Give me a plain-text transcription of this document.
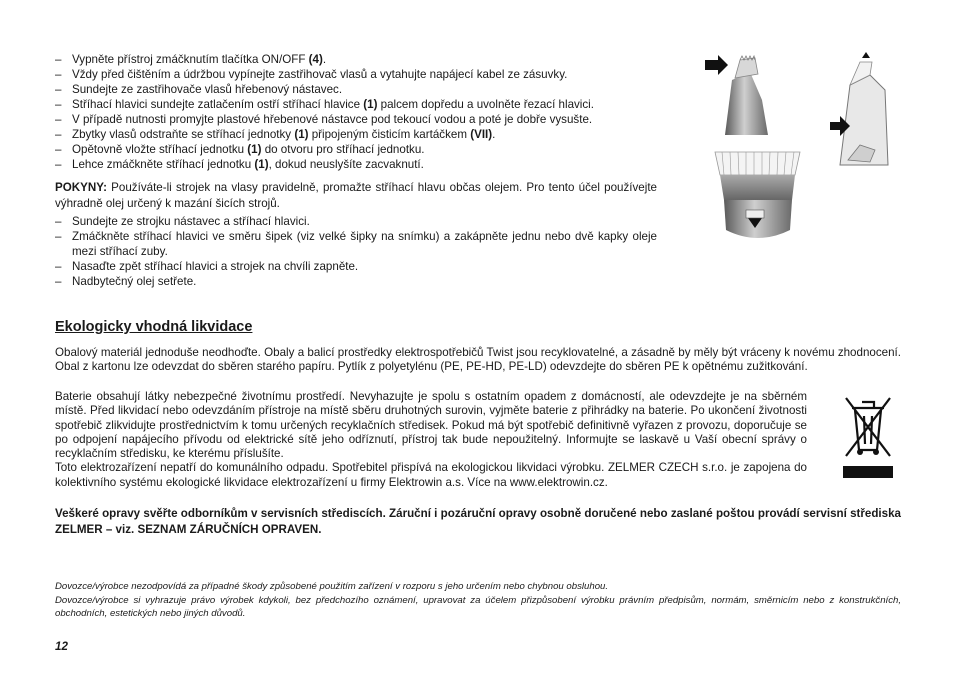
– Vypněte přístroj zmáčknutím tlačítka ON/OFF (4).
– Vždy před čištěním a údržbou vypínejte zastřihovač vlasů a vytahujte napájecí kabel ze zásuvky.
– Sundejte ze zastřihovače vlasů hřebenový nástavec.
– Stříhací hlavici sundejte zatlačením ostří stříhací hlavice (1) palcem dopředu a uvolněte řezací hlavici.
– V případě nutnosti promyjte plastové hřebenové nástavce pod tekoucí vodou a poté je dobře vysušte.
– Zbytky vlasů odstraňte se stříhací jednotky (1) připojeným čisticím kartáčkem (VII).
– Opětovně vložte stříhací jednotku (1) do otvoru pro stříhací jednotku.
– Lehce zmáčkněte stříhací jednotku (1), dokud neuslyšíte zacvaknutí.
POKYNY: Používáte-li strojek na vlasy pravidelně, promažte stříhací hlavu občas olejem. Pro tento účel používejte výhradně olej určený k mazání šicích strojů.
– Sundejte ze strojku nástavec a stříhací hlavici.
– Zmáčkněte stříhací hlavici ve směru šipek (viz velké šipky na snímku) a zakápněte jednu nebo dvě kapky oleje mezi stříhací zuby.
– Nasaďte zpět stříhací hlavici a strojek na chvíli zapněte.
– Nadbytečný olej setřete.
Ekologicky vhodná likvidace

Obalový materiál jednoduše neodhoďte. Obaly a balicí prostředky elektrospotřebičů Twist jsou recyklovatelné, a zásadně by měly být vráceny k novému zhodnocení. Obal z kartonu lze odevzdat do sběren starého papíru. Pytlík z polyetylénu (PE, PE-HD, PE-LD) odevzdejte do sběren PE k opětnému zužitkování.

Baterie obsahují látky nebezpečné životnímu prostředí. Nevyhazujte je spolu s ostatním opadem z domácností, ale odevzdejte je na sběrném místě. Před likvidací nebo odevzdáním přístroje na místě sběru druhotných surovin, vyjměte baterie z přihrádky na baterie. Po ukončení životnosti spotřebič zlikvidujte prostřednictvím k tomu určených recyklačních středisek. Pokud má být spotřebič definitivně vyřazen z provozu, doporučuje se po odpojení napájecího přívodu od elektrické sítě jeho odříznutí, přístroj tak bude nepoužitelný. Informujte se laskavě u Vaší obecní správy o recyklačním středisku, ke kterému příslušíte.

Toto elektrozařízení nepatří do komunálního odpadu. Spotřebitel přispívá na ekologickou likvidaci výrobku. ZELMER CZECH s.r.o. je zapojena do kolektivního systému ekologické likvidace elektrozařízení u firmy Elektrowin a.s. Více na www.elektrowin.cz.

Veškeré opravy svěřte odborníkům v servisních střediscích. Záruční i pozáruční opravy osobně doručené nebo zaslané poštou provádí servisní střediska ZELMER – viz. SEZNAM ZÁRUČNÍCH OPRAVEN.

Dovozce/výrobce nezodpovídá za případné škody způsobené použitím zařízení v rozporu s jeho určením nebo chybnou obsluhou.

Dovozce/výrobce si vyhrazuje právo výrobek kdykoli, bez předchozího oznámení, upravovat za účelem přizpůsobení výrobku právním předpisům, normám, směrnicím nebo z konstrukčních, obchodních, estetických nebo jiných důvodů.

12
